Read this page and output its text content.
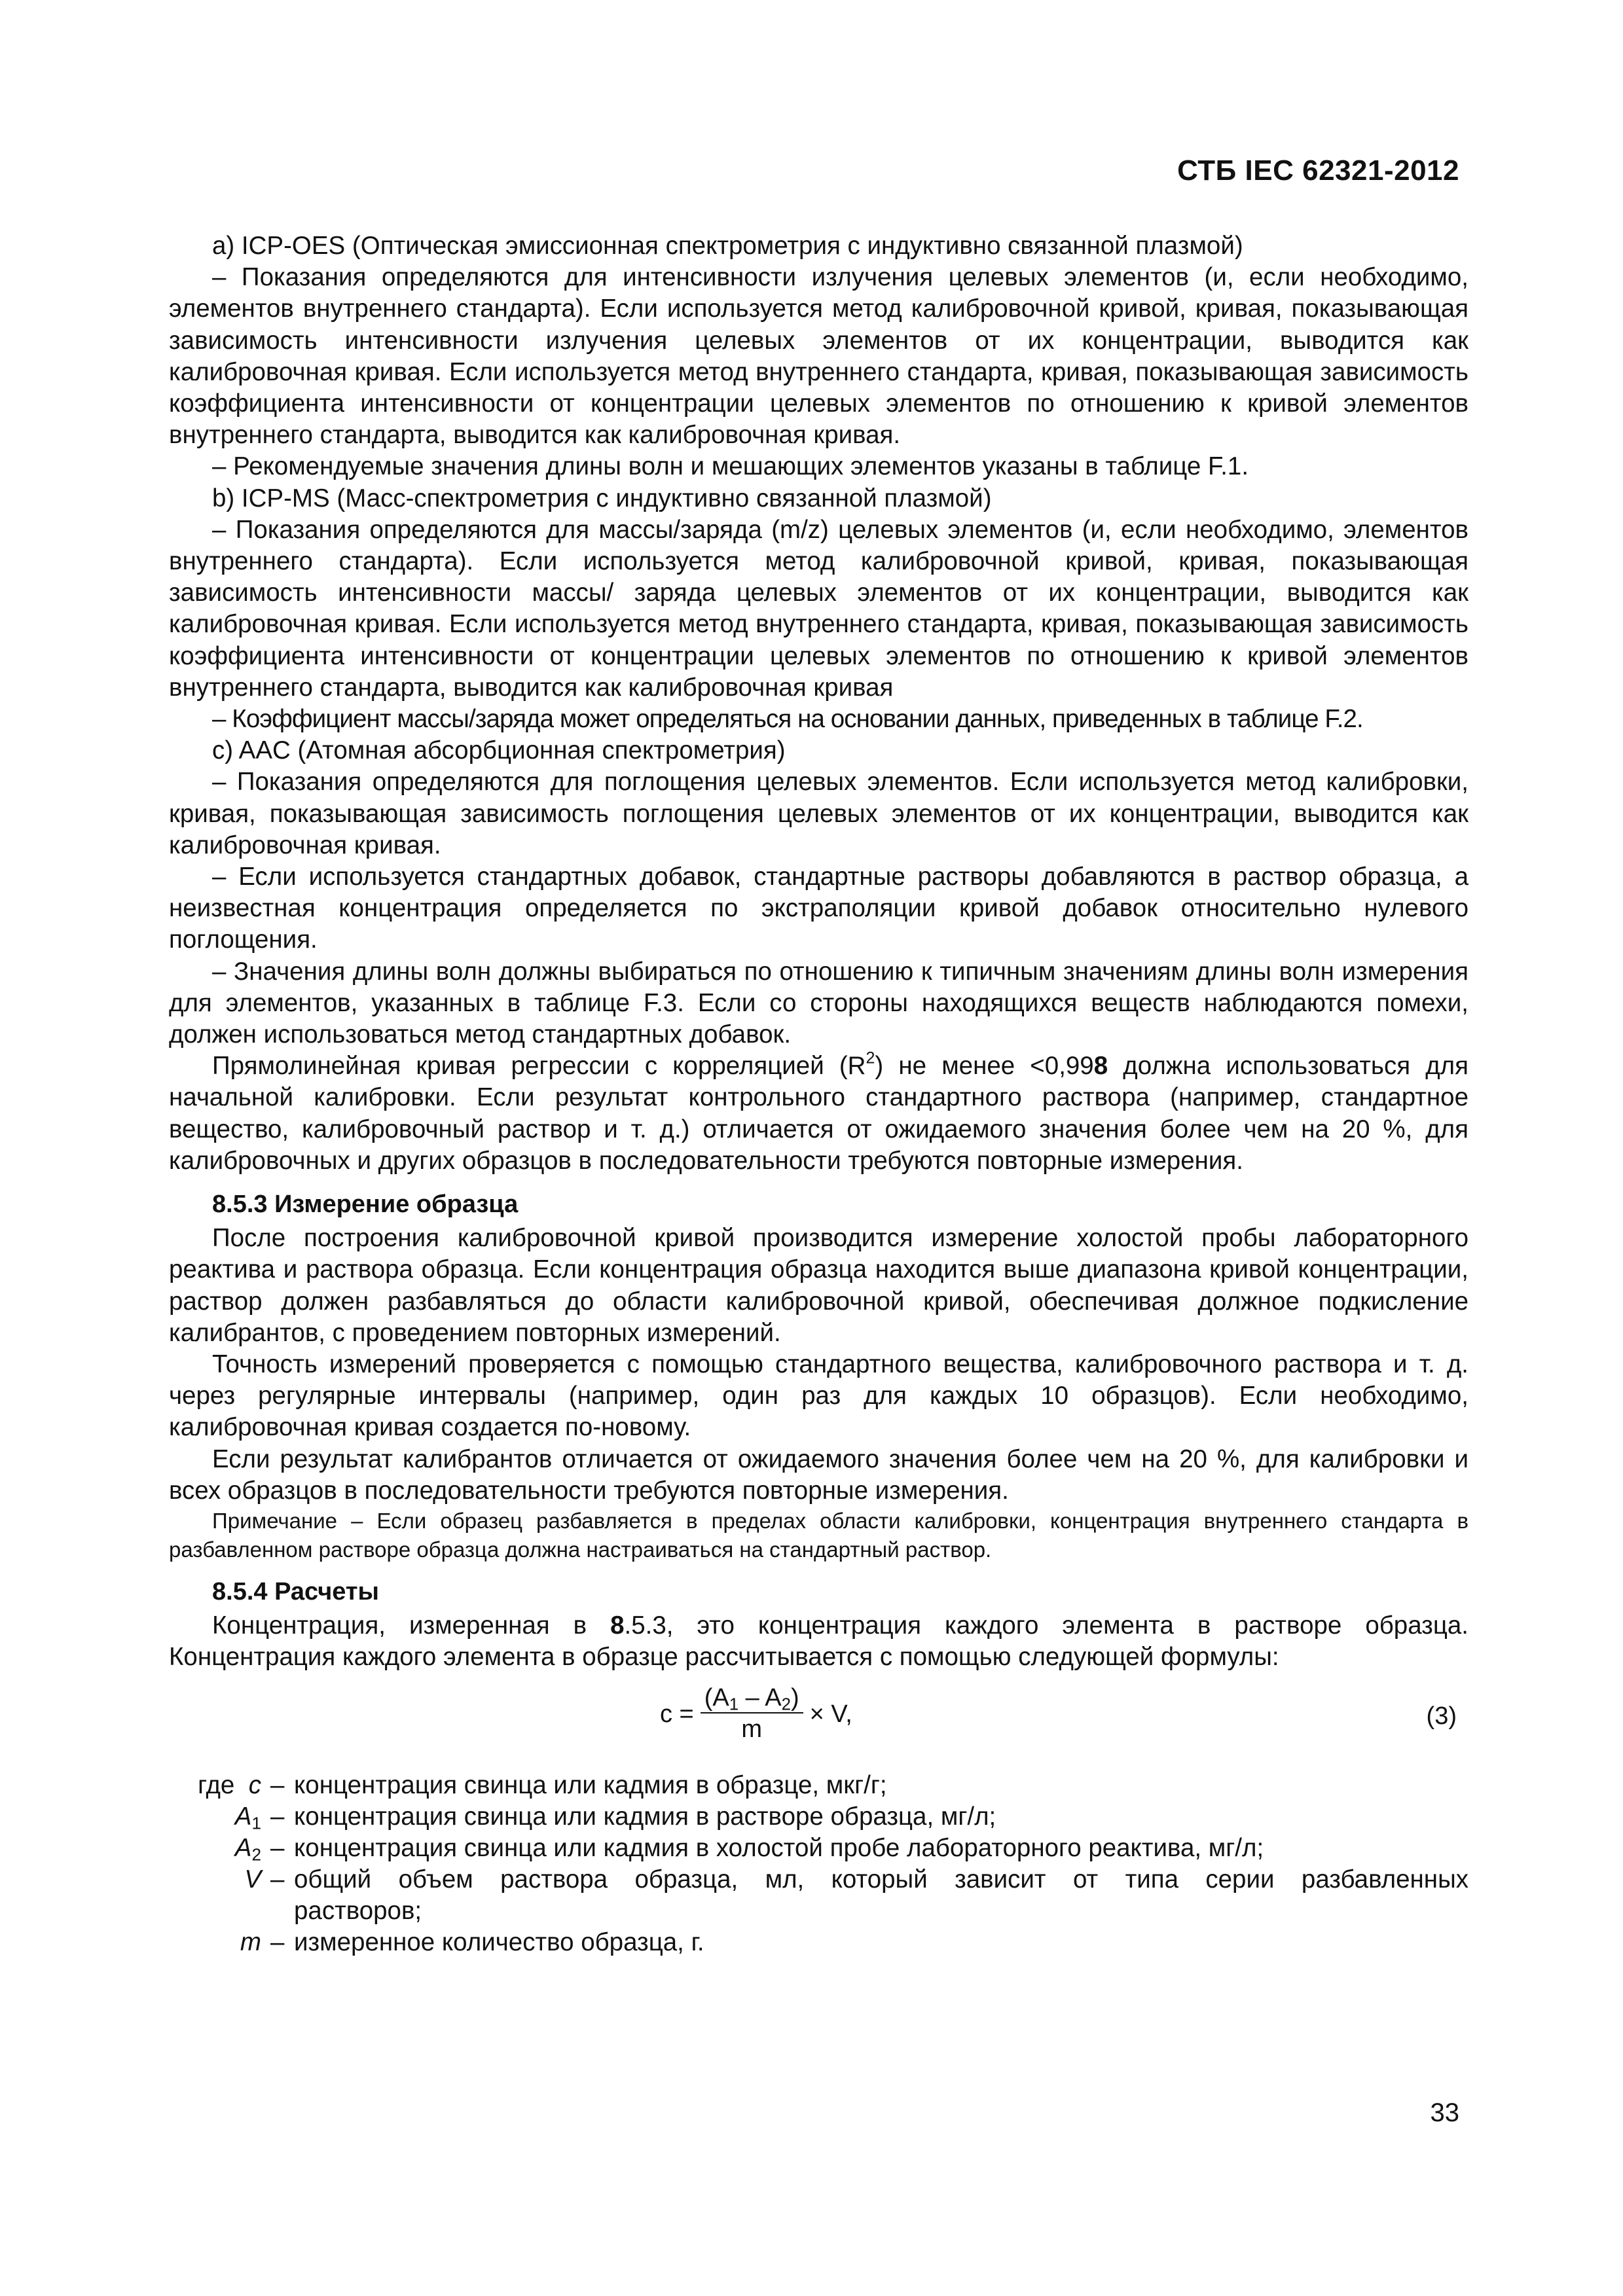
СТБ IEC 62321-2012

a) ICP-OES (Оптическая эмиссионная спектрометрия с индуктивно связанной плазмой)

– Показания определяются для интенсивности излучения целевых элементов (и, если необходимо, элементов внутреннего стандарта). Если используется метод калибровочной кривой, кривая, показывающая зависимость интенсивности излучения целевых элементов от их концентрации, выводится как калибровочная кривая. Если используется метод внутреннего стандарта, кривая, показывающая зависимость коэффициента интенсивности от концентрации целевых элементов по отношению к кривой элементов внутреннего стандарта, выводится как калибровочная кривая.

– Рекомендуемые значения длины волн и мешающих элементов указаны в таблице F.1.

b) ICP-MS (Масс-спектрометрия с индуктивно связанной плазмой)

– Показания определяются для массы/заряда (m/z) целевых элементов (и, если необходимо, элементов внутреннего стандарта). Если используется метод калибровочной кривой, кривая, показывающая зависимость интенсивности массы/ заряда целевых элементов от их концентрации, выводится как калибровочная кривая. Если используется метод внутреннего стандарта, кривая, показывающая зависимость коэффициента интенсивности от концентрации целевых элементов по отношению к кривой элементов внутреннего стандарта, выводится как калибровочная кривая

– Коэффициент массы/заряда может определяться на основании данных, приведенных в таблице F.2.

c) AAC (Атомная абсорбционная спектрометрия)

– Показания определяются для поглощения целевых элементов. Если используется метод калибровки, кривая, показывающая зависимость поглощения целевых элементов от их концентрации, выводится как калибровочная кривая.

– Если используется стандартных добавок, стандартные растворы добавляются в раствор образца, а неизвестная концентрация определяется по экстраполяции кривой добавок относительно нулевого поглощения.

– Значения длины волн должны выбираться по отношению к типичным значениям длины волн измерения для элементов, указанных в таблице F.3. Если со стороны находящихся веществ наблюдаются помехи, должен использоваться метод стандартных добавок.

Прямолинейная кривая регрессии с корреляцией $(R^2)$ не менее <0,998 должна использоваться для начальной калибровки. Если результат контрольного стандартного раствора (например, стандартное вещество, калибровочный раствор и т. д.) отличается от ожидаемого значения более чем на 20 %, для калибровочных и других образцов в последовательности требуются повторные измерения.

8.5.3 Измерение образца

После построения калибровочной кривой производится измерение холостой пробы лабораторного реактива и раствора образца. Если концентрация образца находится выше диапазона кривой концентрации, раствор должен разбавляться до области калибровочной кривой, обеспечивая должное подкисление калибрантов, с проведением повторных измерений.

Точность измерений проверяется с помощью стандартного вещества, калибровочного раствора и т. д. через регулярные интервалы (например, один раз для каждых 10 образцов). Если необходимо, калибровочная кривая создается по-новому.

Если результат калибрантов отличается от ожидаемого значения более чем на 20 %, для калибровки и всех образцов в последовательности требуются повторные измерения.

Примечание – Если образец разбавляется в пределах области калибровки, концентрация внутреннего стандарта в разбавленном растворе образца должна настраиваться на стандартный раствор.

8.5.4 Расчеты

Концентрация, измеренная в 8.5.3, это концентрация каждого элемента в растворе образца. Концентрация каждого элемента в образце рассчитывается с помощью следующей формулы:

$c = \frac{(A_1 - A_2)}{m} \times V$,	(3)
где c – концентрация свинца или кадмия в образце, мкг/г;
$A_1$ – концентрация свинца или кадмия в растворе образца, мг/л;
$A_2$ – концентрация свинца или кадмия в холостой пробе лабораторного реактива, мг/л;
V – общий объем раствора образца, мл, который зависит от типа серии разбавленных
растворов;
m – измеренное количество образца, г.
33
